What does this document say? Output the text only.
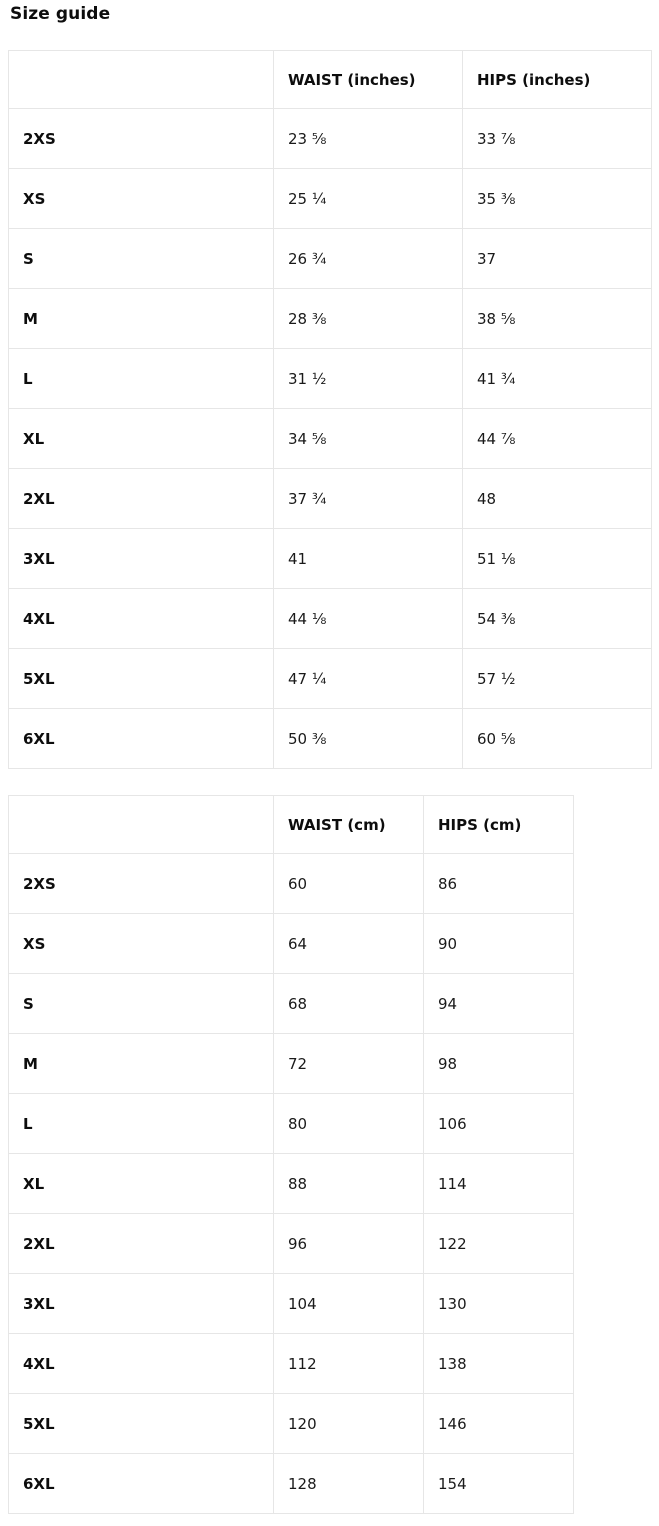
Size guide
	WAIST (inches)	HIPS (inches)
2XS	23 ⅝	33 ⅞
XS	25 ¼	35 ⅜
S	26 ¾	37
M	28 ⅜	38 ⅝
L	31 ½	41 ¾
XL	34 ⅝	44 ⅞
2XL	37 ¾	48
3XL	41	51 ⅛
4XL	44 ⅛	54 ⅜
5XL	47 ¼	57 ½
6XL	50 ⅜	60 ⅝
	WAIST (cm)	HIPS (cm)
2XS	60	86
XS	64	90
S	68	94
M	72	98
L	80	106
XL	88	114
2XL	96	122
3XL	104	130
4XL	112	138
5XL	120	146
6XL	128	154
